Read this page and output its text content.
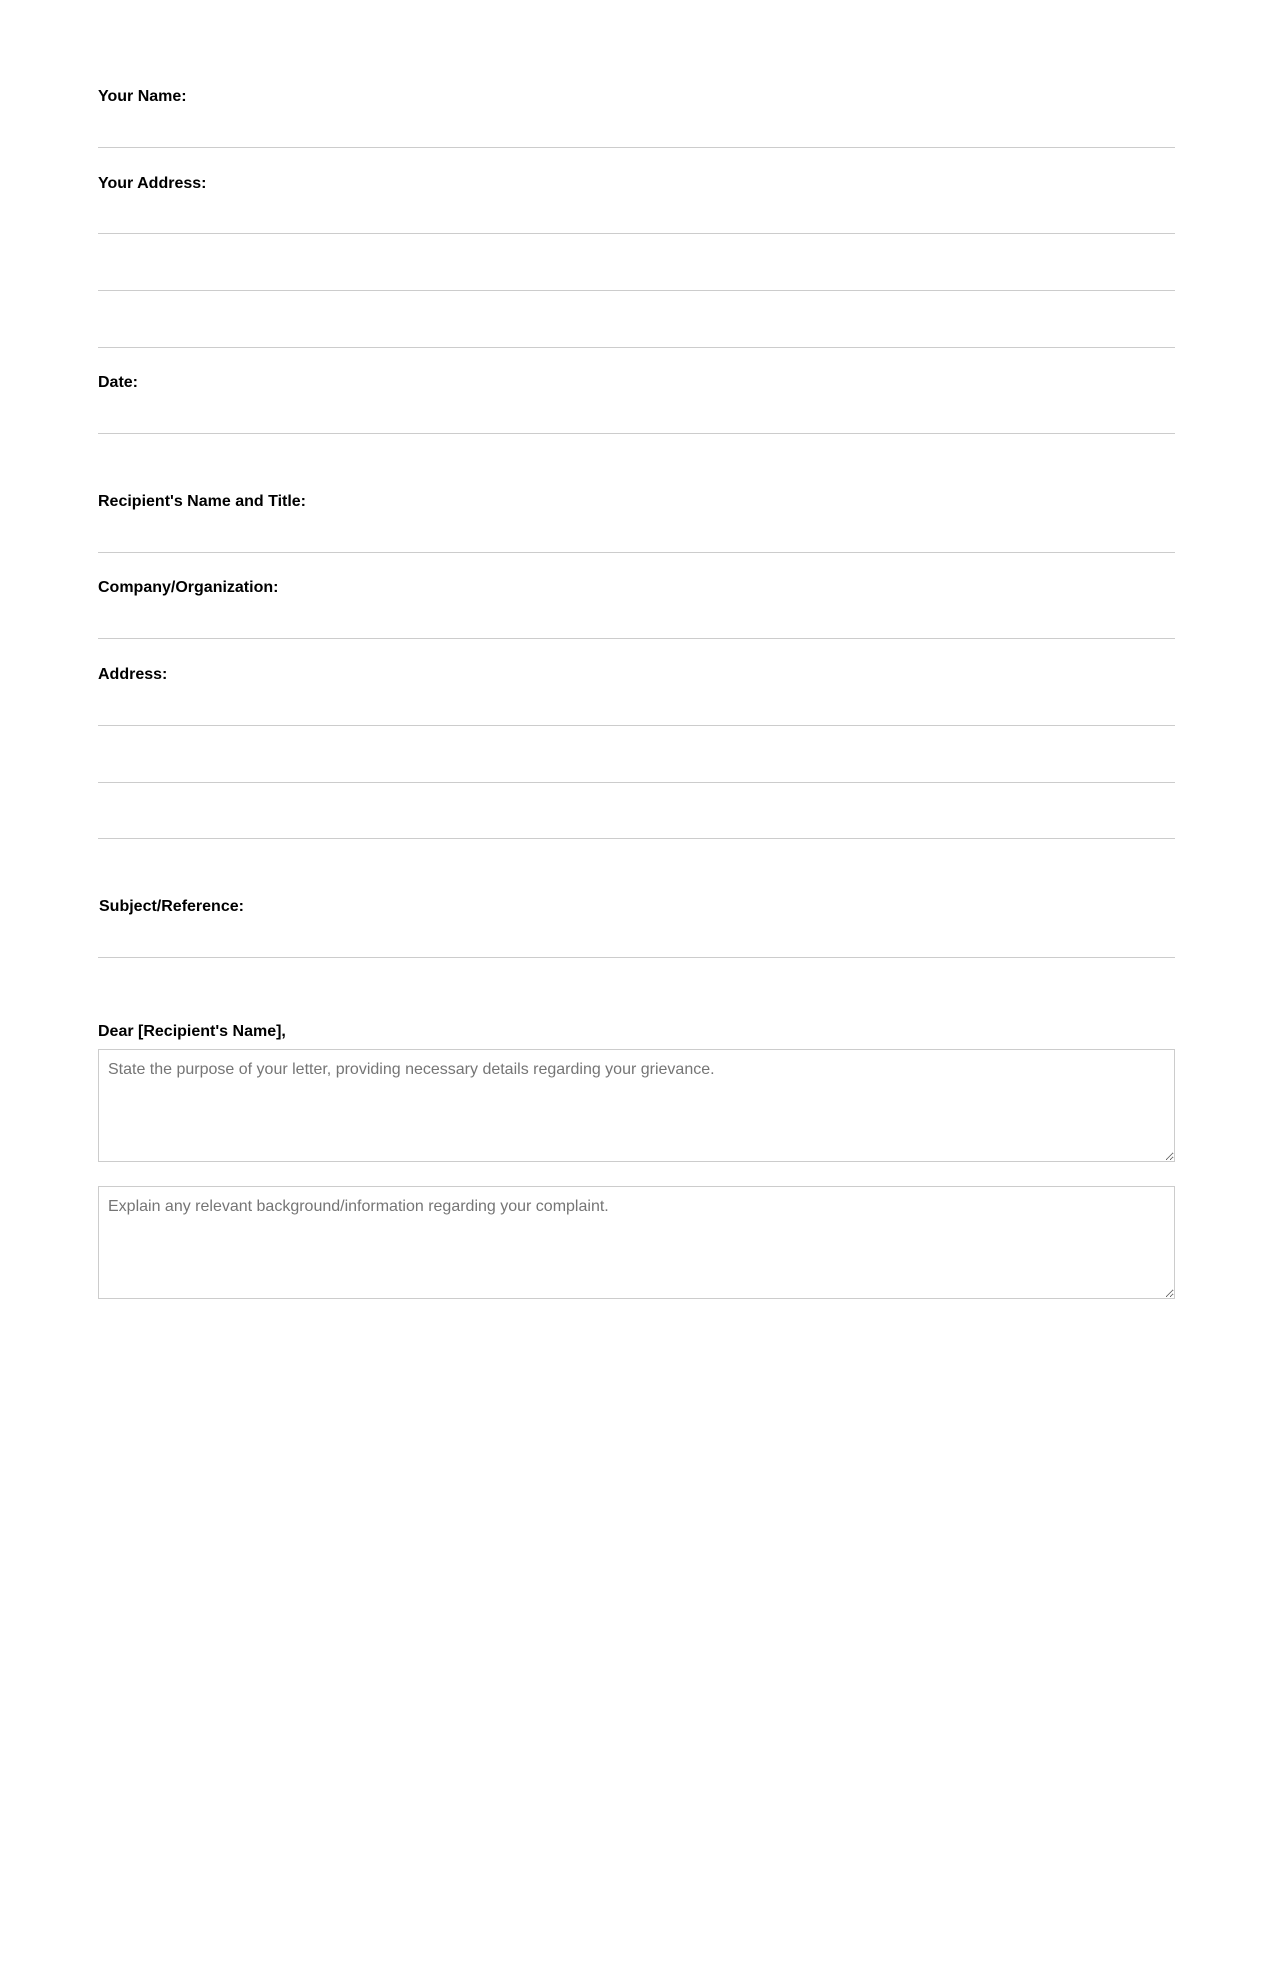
Your Name:
Your Address:
Date:
Recipient's Name and Title:
Company/Organization:
Address:
Subject/Reference:
Dear [Recipient's Name],
State the purpose of your letter, providing necessary details regarding your grievance.
Explain any relevant background/information regarding your complaint.
